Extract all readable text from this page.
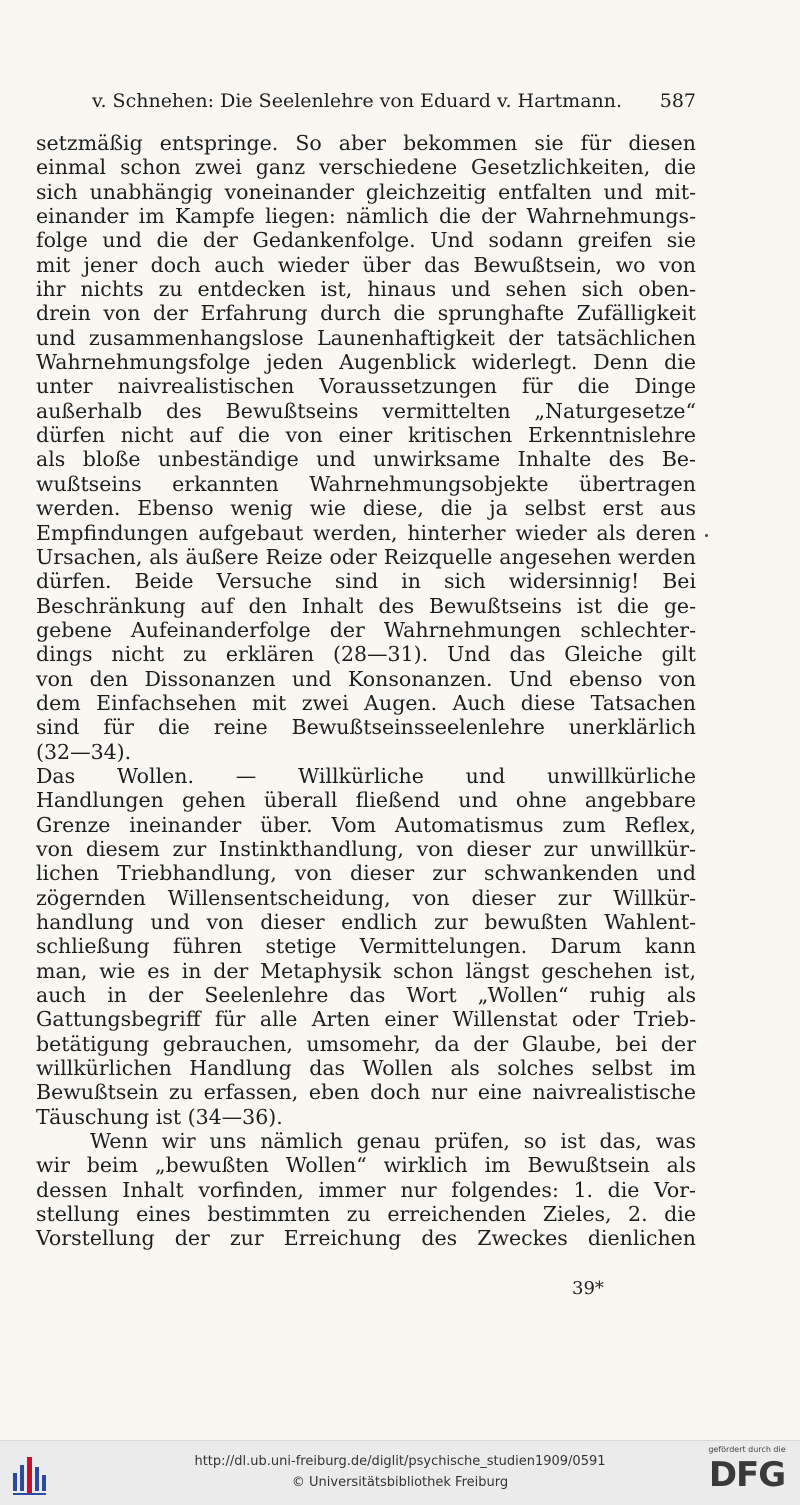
v. Schnehen: Die Seelenlehre von Eduard v. Hartmann. 587
setzmäßig entspringe. So aber bekommen sie für diesen
einmal schon zwei ganz verschiedene Gesetzlichkeiten, die
sich unabhängig voneinander gleichzeitig entfalten und mit-
einander im Kampfe liegen: nämlich die der Wahrnehmungs-
folge und die der Gedankenfolge. Und sodann greifen sie
mit jener doch auch wieder über das Bewußtsein, wo von
ihr nichts zu entdecken ist, hinaus und sehen sich oben-
drein von der Erfahrung durch die sprunghafte Zufälligkeit
und zusammenhangslose Launenhaftigkeit der tatsächlichen
Wahrnehmungsfolge jeden Augenblick widerlegt. Denn die
unter naivrealistischen Voraussetzungen für die Dinge
außerhalb des Bewußtseins vermittelten „Naturgesetze“
dürfen nicht auf die von einer kritischen Erkenntnislehre
als bloße unbeständige und unwirksame Inhalte des Be-
wußtseins erkannten Wahrnehmungsobjekte übertragen
werden. Ebenso wenig wie diese, die ja selbst erst aus
Empfindungen aufgebaut werden, hinterher wieder als deren
Ursachen, als äußere Reize oder Reizquelle angesehen werden
dürfen. Beide Versuche sind in sich widersinnig! Bei
Beschränkung auf den Inhalt des Bewußtseins ist die ge-
gebene Aufeinanderfolge der Wahrnehmungen schlechter-
dings nicht zu erklären (28—31). Und das Gleiche gilt
von den Dissonanzen und Konsonanzen. Und ebenso von
dem Einfachsehen mit zwei Augen. Auch diese Tatsachen
sind für die reine Bewußtseinsseelenlehre unerklärlich
(32—34).
Das Wollen. — Willkürliche und unwillkürliche
Handlungen gehen überall fließend und ohne angebbare
Grenze ineinander über. Vom Automatismus zum Reflex,
von diesem zur Instinkthandlung, von dieser zur unwillkür-
lichen Triebhandlung, von dieser zur schwankenden und
zögernden Willensentscheidung, von dieser zur Willkür-
handlung und von dieser endlich zur bewußten Wahlent-
schließung führen stetige Vermittelungen. Darum kann
man, wie es in der Metaphysik schon längst geschehen ist,
auch in der Seelenlehre das Wort „Wollen“ ruhig als
Gattungsbegriff für alle Arten einer Willenstat oder Trieb-
betätigung gebrauchen, umsomehr, da der Glaube, bei der
willkürlichen Handlung das Wollen als solches selbst im
Bewußtsein zu erfassen, eben doch nur eine naivrealistische
Täuschung ist (34—36).
Wenn wir uns nämlich genau prüfen, so ist das, was
wir beim „bewußten Wollen“ wirklich im Bewußtsein als
dessen Inhalt vorfinden, immer nur folgendes: 1. die Vor-
stellung eines bestimmten zu erreichenden Zieles, 2. die
Vorstellung der zur Erreichung des Zweckes dienlichen
39*
http://dl.ub.uni-freiburg.de/diglit/psychische_studien1909/0591
© Universitätsbibliothek Freiburg
gefördert durch die
DFG
